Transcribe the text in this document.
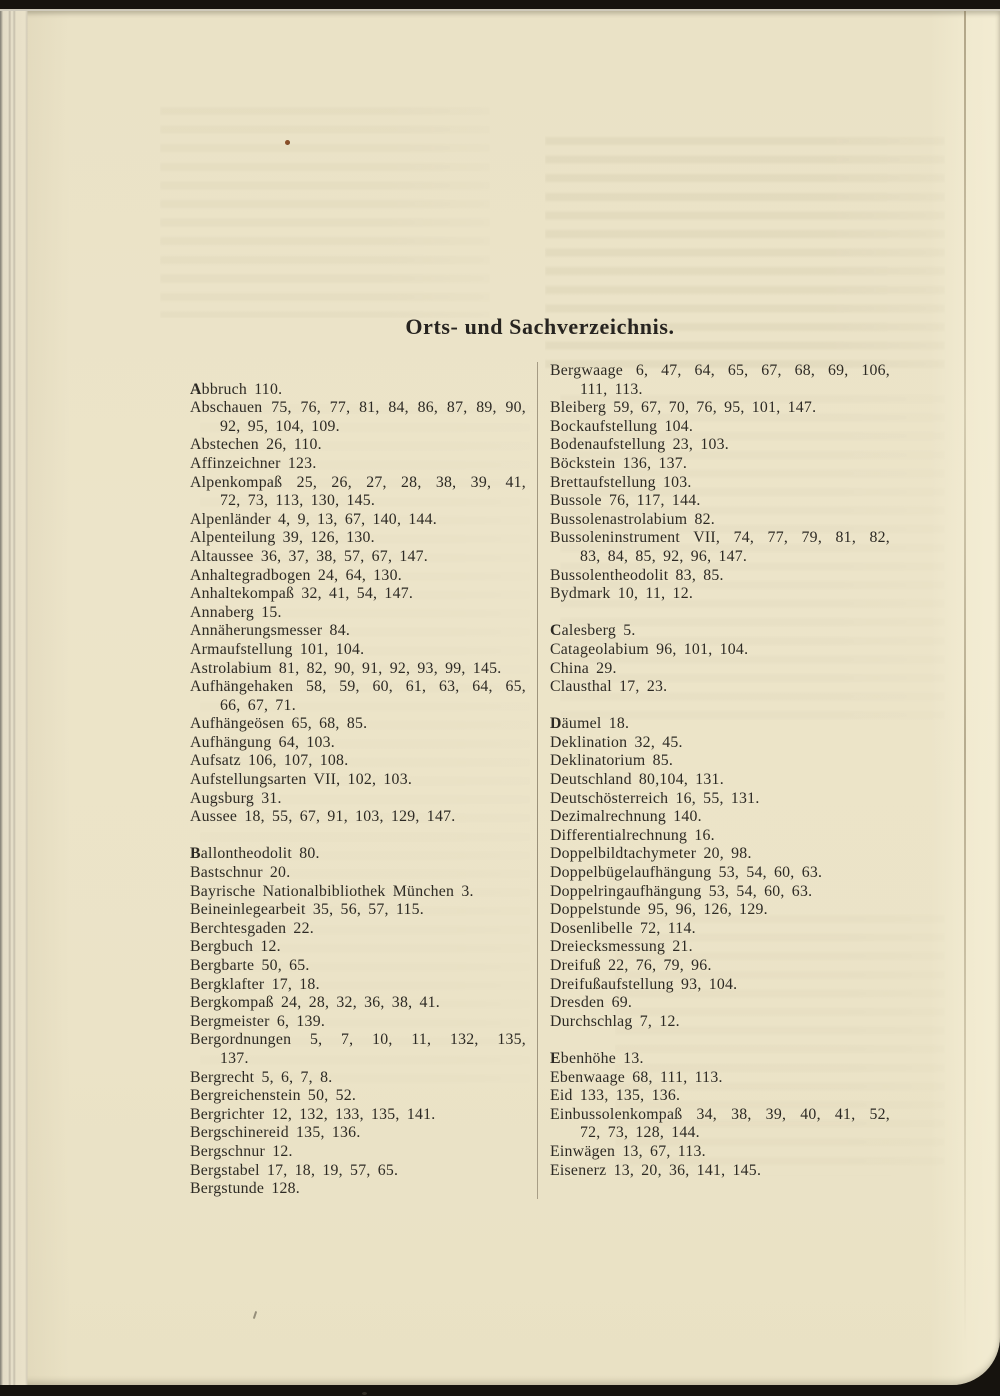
Orts- und Sachverzeichnis.
Abbruch 110.
Abschauen 75, 76, 77, 81, 84, 86, 87, 89, 90,
92, 95, 104, 109.
Abstechen 26, 110.
Affinzeichner 123.
Alpenkompaß 25, 26, 27, 28, 38, 39, 41,
72, 73, 113, 130, 145.
Alpenländer 4, 9, 13, 67, 140, 144.
Alpenteilung 39, 126, 130.
Altaussee 36, 37, 38, 57, 67, 147.
Anhaltegradbogen 24, 64, 130.
Anhaltekompaß 32, 41, 54, 147.
Annaberg 15.
Annäherungsmesser 84.
Armaufstellung 101, 104.
Astrolabium 81, 82, 90, 91, 92, 93, 99, 145.
Aufhängehaken 58, 59, 60, 61, 63, 64, 65,
66, 67, 71.
Aufhängeösen 65, 68, 85.
Aufhängung 64, 103.
Aufsatz 106, 107, 108.
Aufstellungsarten VII, 102, 103.
Augsburg 31.
Aussee 18, 55, 67, 91, 103, 129, 147.
Ballontheodolit 80.
Bastschnur 20.
Bayrische Nationalbibliothek München 3.
Beineinlegearbeit 35, 56, 57, 115.
Berchtesgaden 22.
Bergbuch 12.
Bergbarte 50, 65.
Bergklafter 17, 18.
Bergkompaß 24, 28, 32, 36, 38, 41.
Bergmeister 6, 139.
Bergordnungen 5, 7, 10, 11, 132, 135,
137.
Bergrecht 5, 6, 7, 8.
Bergreichenstein 50, 52.
Bergrichter 12, 132, 133, 135, 141.
Bergschinereid 135, 136.
Bergschnur 12.
Bergstabel 17, 18, 19, 57, 65.
Bergstunde 128.
Bergwaage 6, 47, 64, 65, 67, 68, 69, 106,
111, 113.
Bleiberg 59, 67, 70, 76, 95, 101, 147.
Bockaufstellung 104.
Bodenaufstellung 23, 103.
Böckstein 136, 137.
Brettaufstellung 103.
Bussole 76, 117, 144.
Bussolenastrolabium 82.
Bussoleninstrument VII, 74, 77, 79, 81, 82,
83, 84, 85, 92, 96, 147.
Bussolentheodolit 83, 85.
Bydmark 10, 11, 12.
Calesberg 5.
Catageolabium 96, 101, 104.
China 29.
Clausthal 17, 23.
Däumel 18.
Deklination 32, 45.
Deklinatorium 85.
Deutschland 80,104, 131.
Deutschösterreich 16, 55, 131.
Dezimalrechnung 140.
Differentialrechnung 16.
Doppelbildtachymeter 20, 98.
Doppelbügelaufhängung 53, 54, 60, 63.
Doppelringaufhängung 53, 54, 60, 63.
Doppelstunde 95, 96, 126, 129.
Dosenlibelle 72, 114.
Dreiecksmessung 21.
Dreifuß 22, 76, 79, 96.
Dreifußaufstellung 93, 104.
Dresden 69.
Durchschlag 7, 12.
Ebenhöhe 13.
Ebenwaage 68, 111, 113.
Eid 133, 135, 136.
Einbussolenkompaß 34, 38, 39, 40, 41, 52,
72, 73, 128, 144.
Einwägen 13, 67, 113.
Eisenerz 13, 20, 36, 141, 145.
